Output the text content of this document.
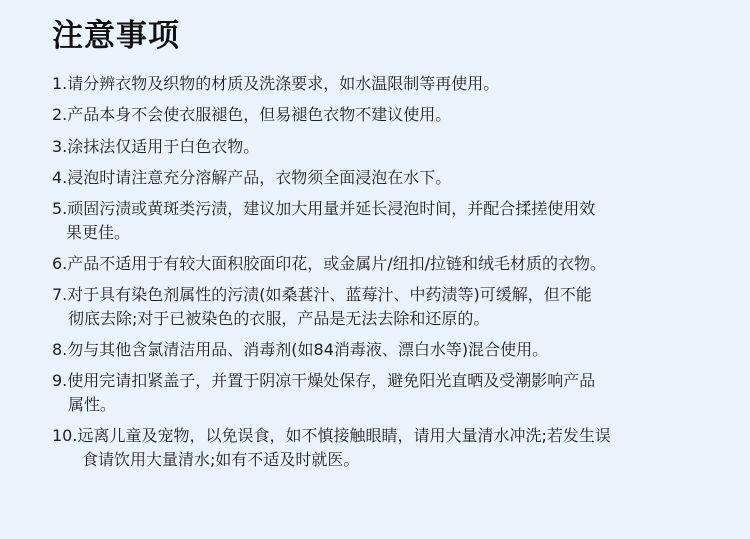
注意事项
1.请分辨衣物及织物的材质及洗涤要求，如水温限制等再使用。
2.产品本身不会使衣服褪色，但易褪色衣物不建议使用。
3.涂抹法仅适用于白色衣物。
4.浸泡时请注意充分溶解产品，衣物须全面浸泡在水下。
5.顽固污渍或黄斑类污渍，建议加大用量并延长浸泡时间，并配合揉搓使用效
果更佳。
6.产品不适用于有较大面积胶面印花，或金属片/纽扣/拉链和绒毛材质的衣物。
7.对于具有染色剂属性的污渍(如桑葚汁、蓝莓汁、中药渍等)可缓解，但不能
彻底去除;对于已被染色的衣服，产品是无法去除和还原的。
8.勿与其他含氯清洁用品、消毒剂(如84消毒液、漂白水等)混合使用。
9.使用完请扣紧盖子，并置于阴凉干燥处保存，避免阳光直晒及受潮影响产品
属性。
10.远离儿童及宠物，以免误食，如不慎接触眼睛，请用大量清水冲洗;若发生误
食请饮用大量清水;如有不适及时就医。
